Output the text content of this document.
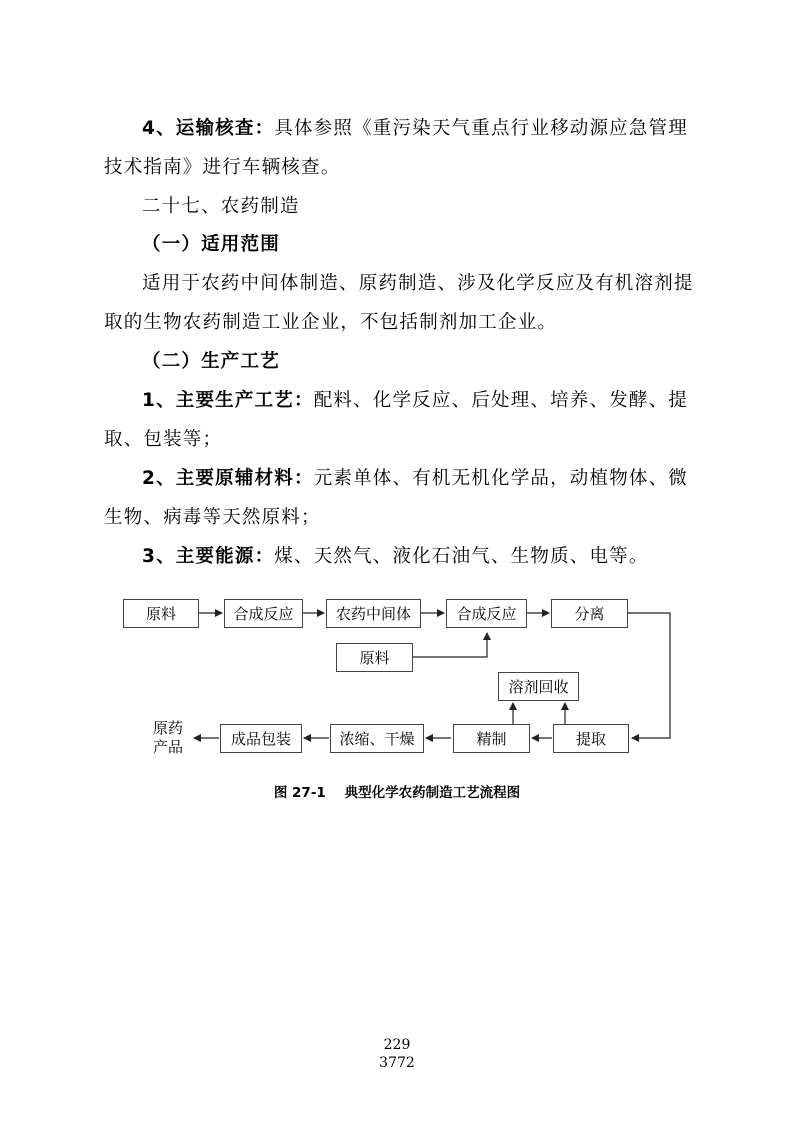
4、运输核查：具体参照《重污染天气重点行业移动源应急管理技术指南》进行车辆核查。

二十七、农药制造

（一）适用范围

适用于农药中间体制造、原药制造、涉及化学反应及有机溶剂提取的生物农药制造工业企业，不包括制剂加工企业。

（二）生产工艺

1、主要生产工艺：配料、化学反应、后处理、培养、发酵、提取、包装等；

2、主要原辅材料：元素单体、有机无机化学品，动植物体、微生物、病毒等天然原料；

3、主要能源：煤、天然气、液化石油气、生物质、电等。

原料	合成反应	农药中间体	合成反应	分离
原料
溶剂回收
提取
精制
浓缩、干燥
成品包装
原药
产品
图 27-1    典型化学农药制造工艺流程图
229
3772
